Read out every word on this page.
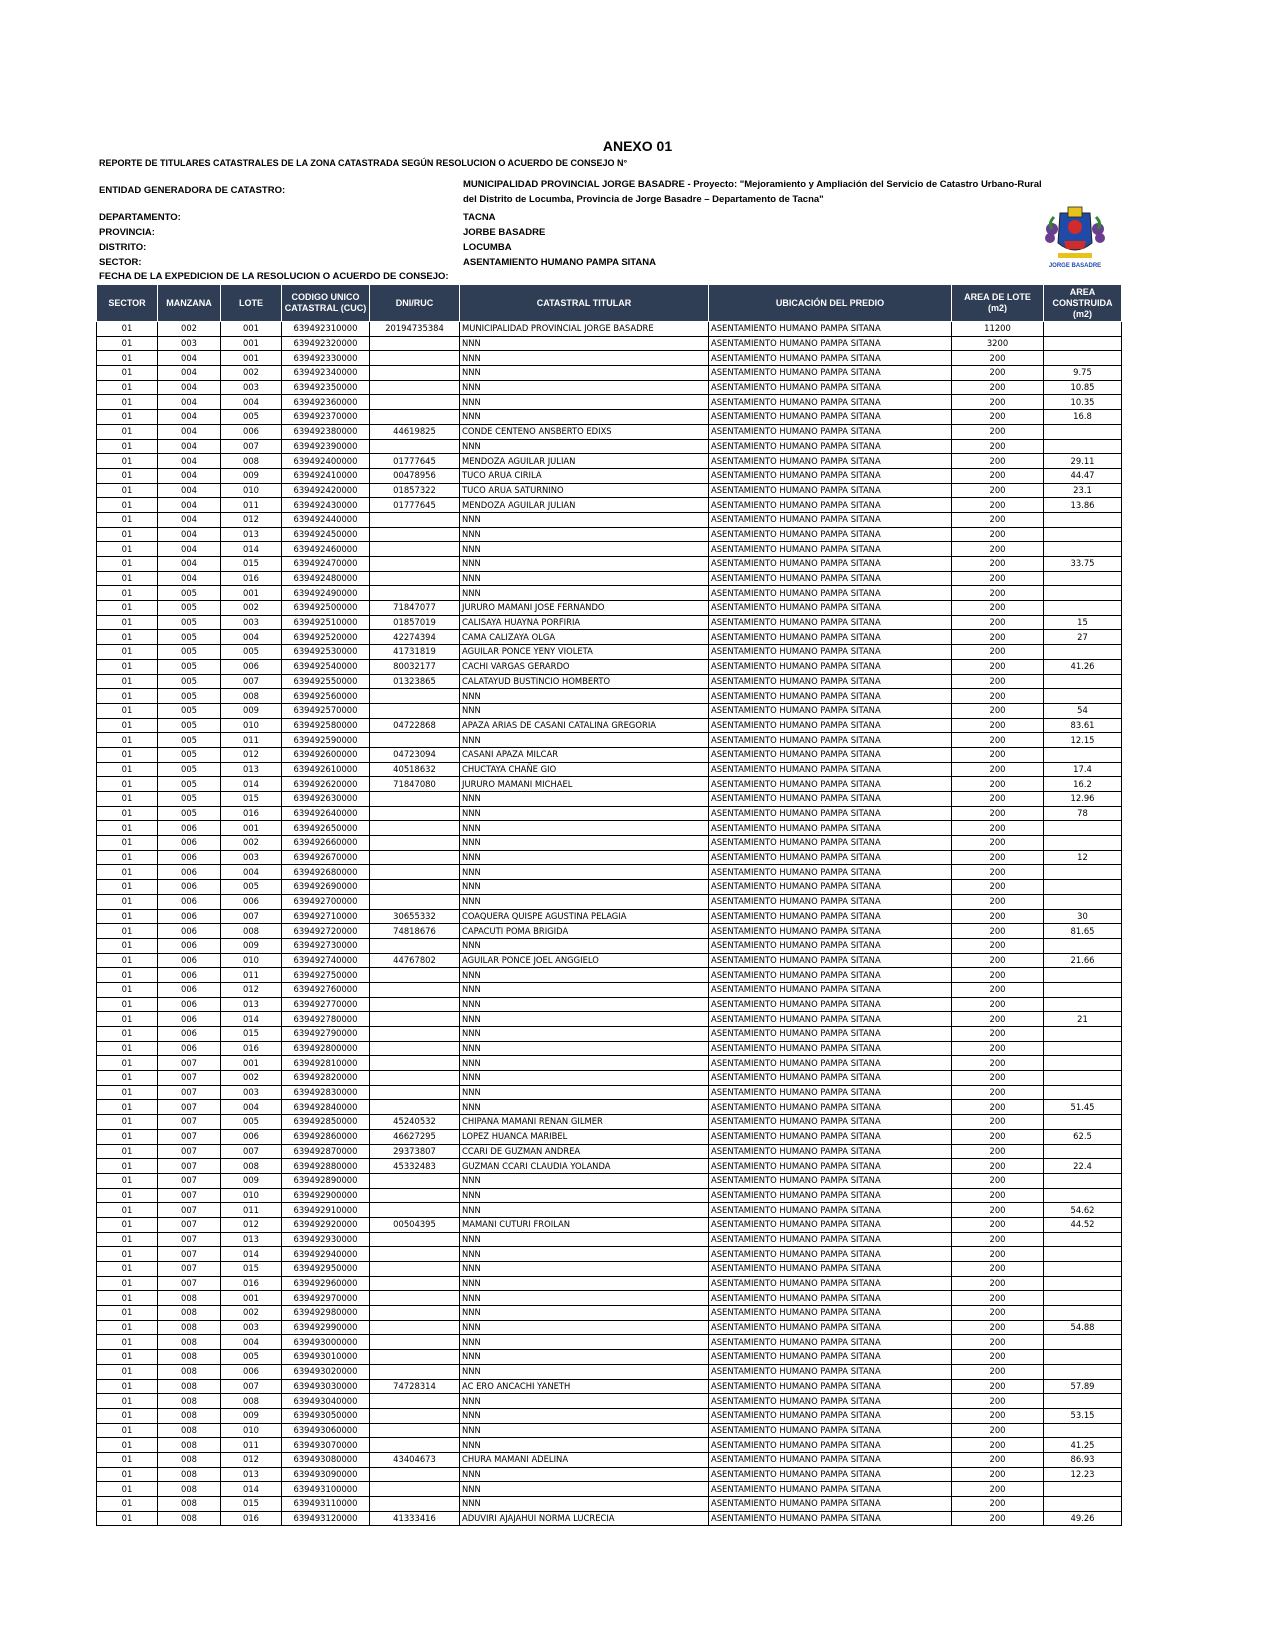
ANEXO 01
REPORTE DE TITULARES CATASTRALES DE LA ZONA CATASTRADA SEGÚN RESOLUCION O ACUERDO DE CONSEJO N°
ENTIDAD GENERADORA DE CATASTRO:
MUNICIPALIDAD PROVINCIAL JORGE BASADRE - Proyecto: "Mejoramiento y Ampliación del Servicio de Catastro Urbano-Rural del Distrito de Locumba, Provincia de Jorge Basadre – Departamento de Tacna"
DEPARTAMENTO:	TACNA
PROVINCIA:	JORBE BASADRE
DISTRITO:	LOCUMBA
SECTOR:	ASENTAMIENTO HUMANO PAMPA SITANA
FECHA DE LA EXPEDICION DE LA RESOLUCION O ACUERDO DE CONSEJO:
JORGE BASADRE
SECTOR	MANZANA	LOTE	CODIGO UNICO CATASTRAL (CUC)	DNI/RUC	CATASTRAL TITULAR	UBICACIÓN DEL PREDIO	AREA DE LOTE (m2)	AREA CONSTRUIDA (m2)
01	002	001	639492310000	20194735384	MUNICIPALIDAD PROVINCIAL JORGE BASADRE	ASENTAMIENTO HUMANO PAMPA SITANA	11200	
01	003	001	639492320000		NNN	ASENTAMIENTO HUMANO PAMPA SITANA	3200	
01	004	001	639492330000		NNN	ASENTAMIENTO HUMANO PAMPA SITANA	200	
01	004	002	639492340000		NNN	ASENTAMIENTO HUMANO PAMPA SITANA	200	9.75
01	004	003	639492350000		NNN	ASENTAMIENTO HUMANO PAMPA SITANA	200	10.85
01	004	004	639492360000		NNN	ASENTAMIENTO HUMANO PAMPA SITANA	200	10.35
01	004	005	639492370000		NNN	ASENTAMIENTO HUMANO PAMPA SITANA	200	16.8
01	004	006	639492380000	44619825	CONDE CENTENO ANSBERTO EDIXS	ASENTAMIENTO HUMANO PAMPA SITANA	200	
01	004	007	639492390000		NNN	ASENTAMIENTO HUMANO PAMPA SITANA	200	
01	004	008	639492400000	01777645	MENDOZA AGUILAR JULIAN	ASENTAMIENTO HUMANO PAMPA SITANA	200	29.11
01	004	009	639492410000	00478956	TUCO ARUA CIRILA	ASENTAMIENTO HUMANO PAMPA SITANA	200	44.47
01	004	010	639492420000	01857322	TUCO ARUA SATURNINO	ASENTAMIENTO HUMANO PAMPA SITANA	200	23.1
01	004	011	639492430000	01777645	MENDOZA AGUILAR JULIAN	ASENTAMIENTO HUMANO PAMPA SITANA	200	13.86
01	004	012	639492440000		NNN	ASENTAMIENTO HUMANO PAMPA SITANA	200	
01	004	013	639492450000		NNN	ASENTAMIENTO HUMANO PAMPA SITANA	200	
01	004	014	639492460000		NNN	ASENTAMIENTO HUMANO PAMPA SITANA	200	
01	004	015	639492470000		NNN	ASENTAMIENTO HUMANO PAMPA SITANA	200	33.75
01	004	016	639492480000		NNN	ASENTAMIENTO HUMANO PAMPA SITANA	200	
01	005	001	639492490000		NNN	ASENTAMIENTO HUMANO PAMPA SITANA	200	
01	005	002	639492500000	71847077	JURURO MAMANI JOSE FERNANDO	ASENTAMIENTO HUMANO PAMPA SITANA	200	
01	005	003	639492510000	01857019	CALISAYA HUAYNA PORFIRIA	ASENTAMIENTO HUMANO PAMPA SITANA	200	15
01	005	004	639492520000	42274394	CAMA CALIZAYA OLGA	ASENTAMIENTO HUMANO PAMPA SITANA	200	27
01	005	005	639492530000	41731819	AGUILAR PONCE YENY VIOLETA	ASENTAMIENTO HUMANO PAMPA SITANA	200	
01	005	006	639492540000	80032177	CACHI VARGAS GERARDO	ASENTAMIENTO HUMANO PAMPA SITANA	200	41.26
01	005	007	639492550000	01323865	CALATAYUD BUSTINCIO HOMBERTO	ASENTAMIENTO HUMANO PAMPA SITANA	200	
01	005	008	639492560000		NNN	ASENTAMIENTO HUMANO PAMPA SITANA	200	
01	005	009	639492570000		NNN	ASENTAMIENTO HUMANO PAMPA SITANA	200	54
01	005	010	639492580000	04722868	APAZA ARIAS DE CASANI CATALINA GREGORIA	ASENTAMIENTO HUMANO PAMPA SITANA	200	83.61
01	005	011	639492590000		NNN	ASENTAMIENTO HUMANO PAMPA SITANA	200	12.15
01	005	012	639492600000	04723094	CASANI APAZA MILCAR	ASENTAMIENTO HUMANO PAMPA SITANA	200	
01	005	013	639492610000	40518632	CHUCTAYA CHAÑE GIO	ASENTAMIENTO HUMANO PAMPA SITANA	200	17.4
01	005	014	639492620000	71847080	JURURO MAMANI MICHAEL	ASENTAMIENTO HUMANO PAMPA SITANA	200	16.2
01	005	015	639492630000		NNN	ASENTAMIENTO HUMANO PAMPA SITANA	200	12.96
01	005	016	639492640000		NNN	ASENTAMIENTO HUMANO PAMPA SITANA	200	78
01	006	001	639492650000		NNN	ASENTAMIENTO HUMANO PAMPA SITANA	200	
01	006	002	639492660000		NNN	ASENTAMIENTO HUMANO PAMPA SITANA	200	
01	006	003	639492670000		NNN	ASENTAMIENTO HUMANO PAMPA SITANA	200	12
01	006	004	639492680000		NNN	ASENTAMIENTO HUMANO PAMPA SITANA	200	
01	006	005	639492690000		NNN	ASENTAMIENTO HUMANO PAMPA SITANA	200	
01	006	006	639492700000		NNN	ASENTAMIENTO HUMANO PAMPA SITANA	200	
01	006	007	639492710000	30655332	COAQUERA QUISPE AGUSTINA PELAGIA	ASENTAMIENTO HUMANO PAMPA SITANA	200	30
01	006	008	639492720000	74818676	CAPACUTI POMA BRIGIDA	ASENTAMIENTO HUMANO PAMPA SITANA	200	81.65
01	006	009	639492730000		NNN	ASENTAMIENTO HUMANO PAMPA SITANA	200	
01	006	010	639492740000	44767802	AGUILAR PONCE JOEL ANGGIELO	ASENTAMIENTO HUMANO PAMPA SITANA	200	21.66
01	006	011	639492750000		NNN	ASENTAMIENTO HUMANO PAMPA SITANA	200	
01	006	012	639492760000		NNN	ASENTAMIENTO HUMANO PAMPA SITANA	200	
01	006	013	639492770000		NNN	ASENTAMIENTO HUMANO PAMPA SITANA	200	
01	006	014	639492780000		NNN	ASENTAMIENTO HUMANO PAMPA SITANA	200	21
01	006	015	639492790000		NNN	ASENTAMIENTO HUMANO PAMPA SITANA	200	
01	006	016	639492800000		NNN	ASENTAMIENTO HUMANO PAMPA SITANA	200	
01	007	001	639492810000		NNN	ASENTAMIENTO HUMANO PAMPA SITANA	200	
01	007	002	639492820000		NNN	ASENTAMIENTO HUMANO PAMPA SITANA	200	
01	007	003	639492830000		NNN	ASENTAMIENTO HUMANO PAMPA SITANA	200	
01	007	004	639492840000		NNN	ASENTAMIENTO HUMANO PAMPA SITANA	200	51.45
01	007	005	639492850000	45240532	CHIPANA MAMANI RENAN GILMER	ASENTAMIENTO HUMANO PAMPA SITANA	200	
01	007	006	639492860000	46627295	LOPEZ HUANCA MARIBEL	ASENTAMIENTO HUMANO PAMPA SITANA	200	62.5
01	007	007	639492870000	29373807	CCARI DE GUZMAN ANDREA	ASENTAMIENTO HUMANO PAMPA SITANA	200	
01	007	008	639492880000	45332483	GUZMAN CCARI CLAUDIA YOLANDA	ASENTAMIENTO HUMANO PAMPA SITANA	200	22.4
01	007	009	639492890000		NNN	ASENTAMIENTO HUMANO PAMPA SITANA	200	
01	007	010	639492900000		NNN	ASENTAMIENTO HUMANO PAMPA SITANA	200	
01	007	011	639492910000		NNN	ASENTAMIENTO HUMANO PAMPA SITANA	200	54.62
01	007	012	639492920000	00504395	MAMANI CUTURI FROILAN	ASENTAMIENTO HUMANO PAMPA SITANA	200	44.52
01	007	013	639492930000		NNN	ASENTAMIENTO HUMANO PAMPA SITANA	200	
01	007	014	639492940000		NNN	ASENTAMIENTO HUMANO PAMPA SITANA	200	
01	007	015	639492950000		NNN	ASENTAMIENTO HUMANO PAMPA SITANA	200	
01	007	016	639492960000		NNN	ASENTAMIENTO HUMANO PAMPA SITANA	200	
01	008	001	639492970000		NNN	ASENTAMIENTO HUMANO PAMPA SITANA	200	
01	008	002	639492980000		NNN	ASENTAMIENTO HUMANO PAMPA SITANA	200	
01	008	003	639492990000		NNN	ASENTAMIENTO HUMANO PAMPA SITANA	200	54.88
01	008	004	639493000000		NNN	ASENTAMIENTO HUMANO PAMPA SITANA	200	
01	008	005	639493010000		NNN	ASENTAMIENTO HUMANO PAMPA SITANA	200	
01	008	006	639493020000		NNN	ASENTAMIENTO HUMANO PAMPA SITANA	200	
01	008	007	639493030000	74728314	AC ERO ANCACHI YANETH	ASENTAMIENTO HUMANO PAMPA SITANA	200	57.89
01	008	008	639493040000		NNN	ASENTAMIENTO HUMANO PAMPA SITANA	200	
01	008	009	639493050000		NNN	ASENTAMIENTO HUMANO PAMPA SITANA	200	53.15
01	008	010	639493060000		NNN	ASENTAMIENTO HUMANO PAMPA SITANA	200	
01	008	011	639493070000		NNN	ASENTAMIENTO HUMANO PAMPA SITANA	200	41.25
01	008	012	639493080000	43404673	CHURA MAMANI ADELINA	ASENTAMIENTO HUMANO PAMPA SITANA	200	86.93
01	008	013	639493090000		NNN	ASENTAMIENTO HUMANO PAMPA SITANA	200	12.23
01	008	014	639493100000		NNN	ASENTAMIENTO HUMANO PAMPA SITANA	200	
01	008	015	639493110000		NNN	ASENTAMIENTO HUMANO PAMPA SITANA	200	
01	008	016	639493120000	41333416	ADUVIRI AJAJAHUI NORMA LUCRECIA	ASENTAMIENTO HUMANO PAMPA SITANA	200	49.26
